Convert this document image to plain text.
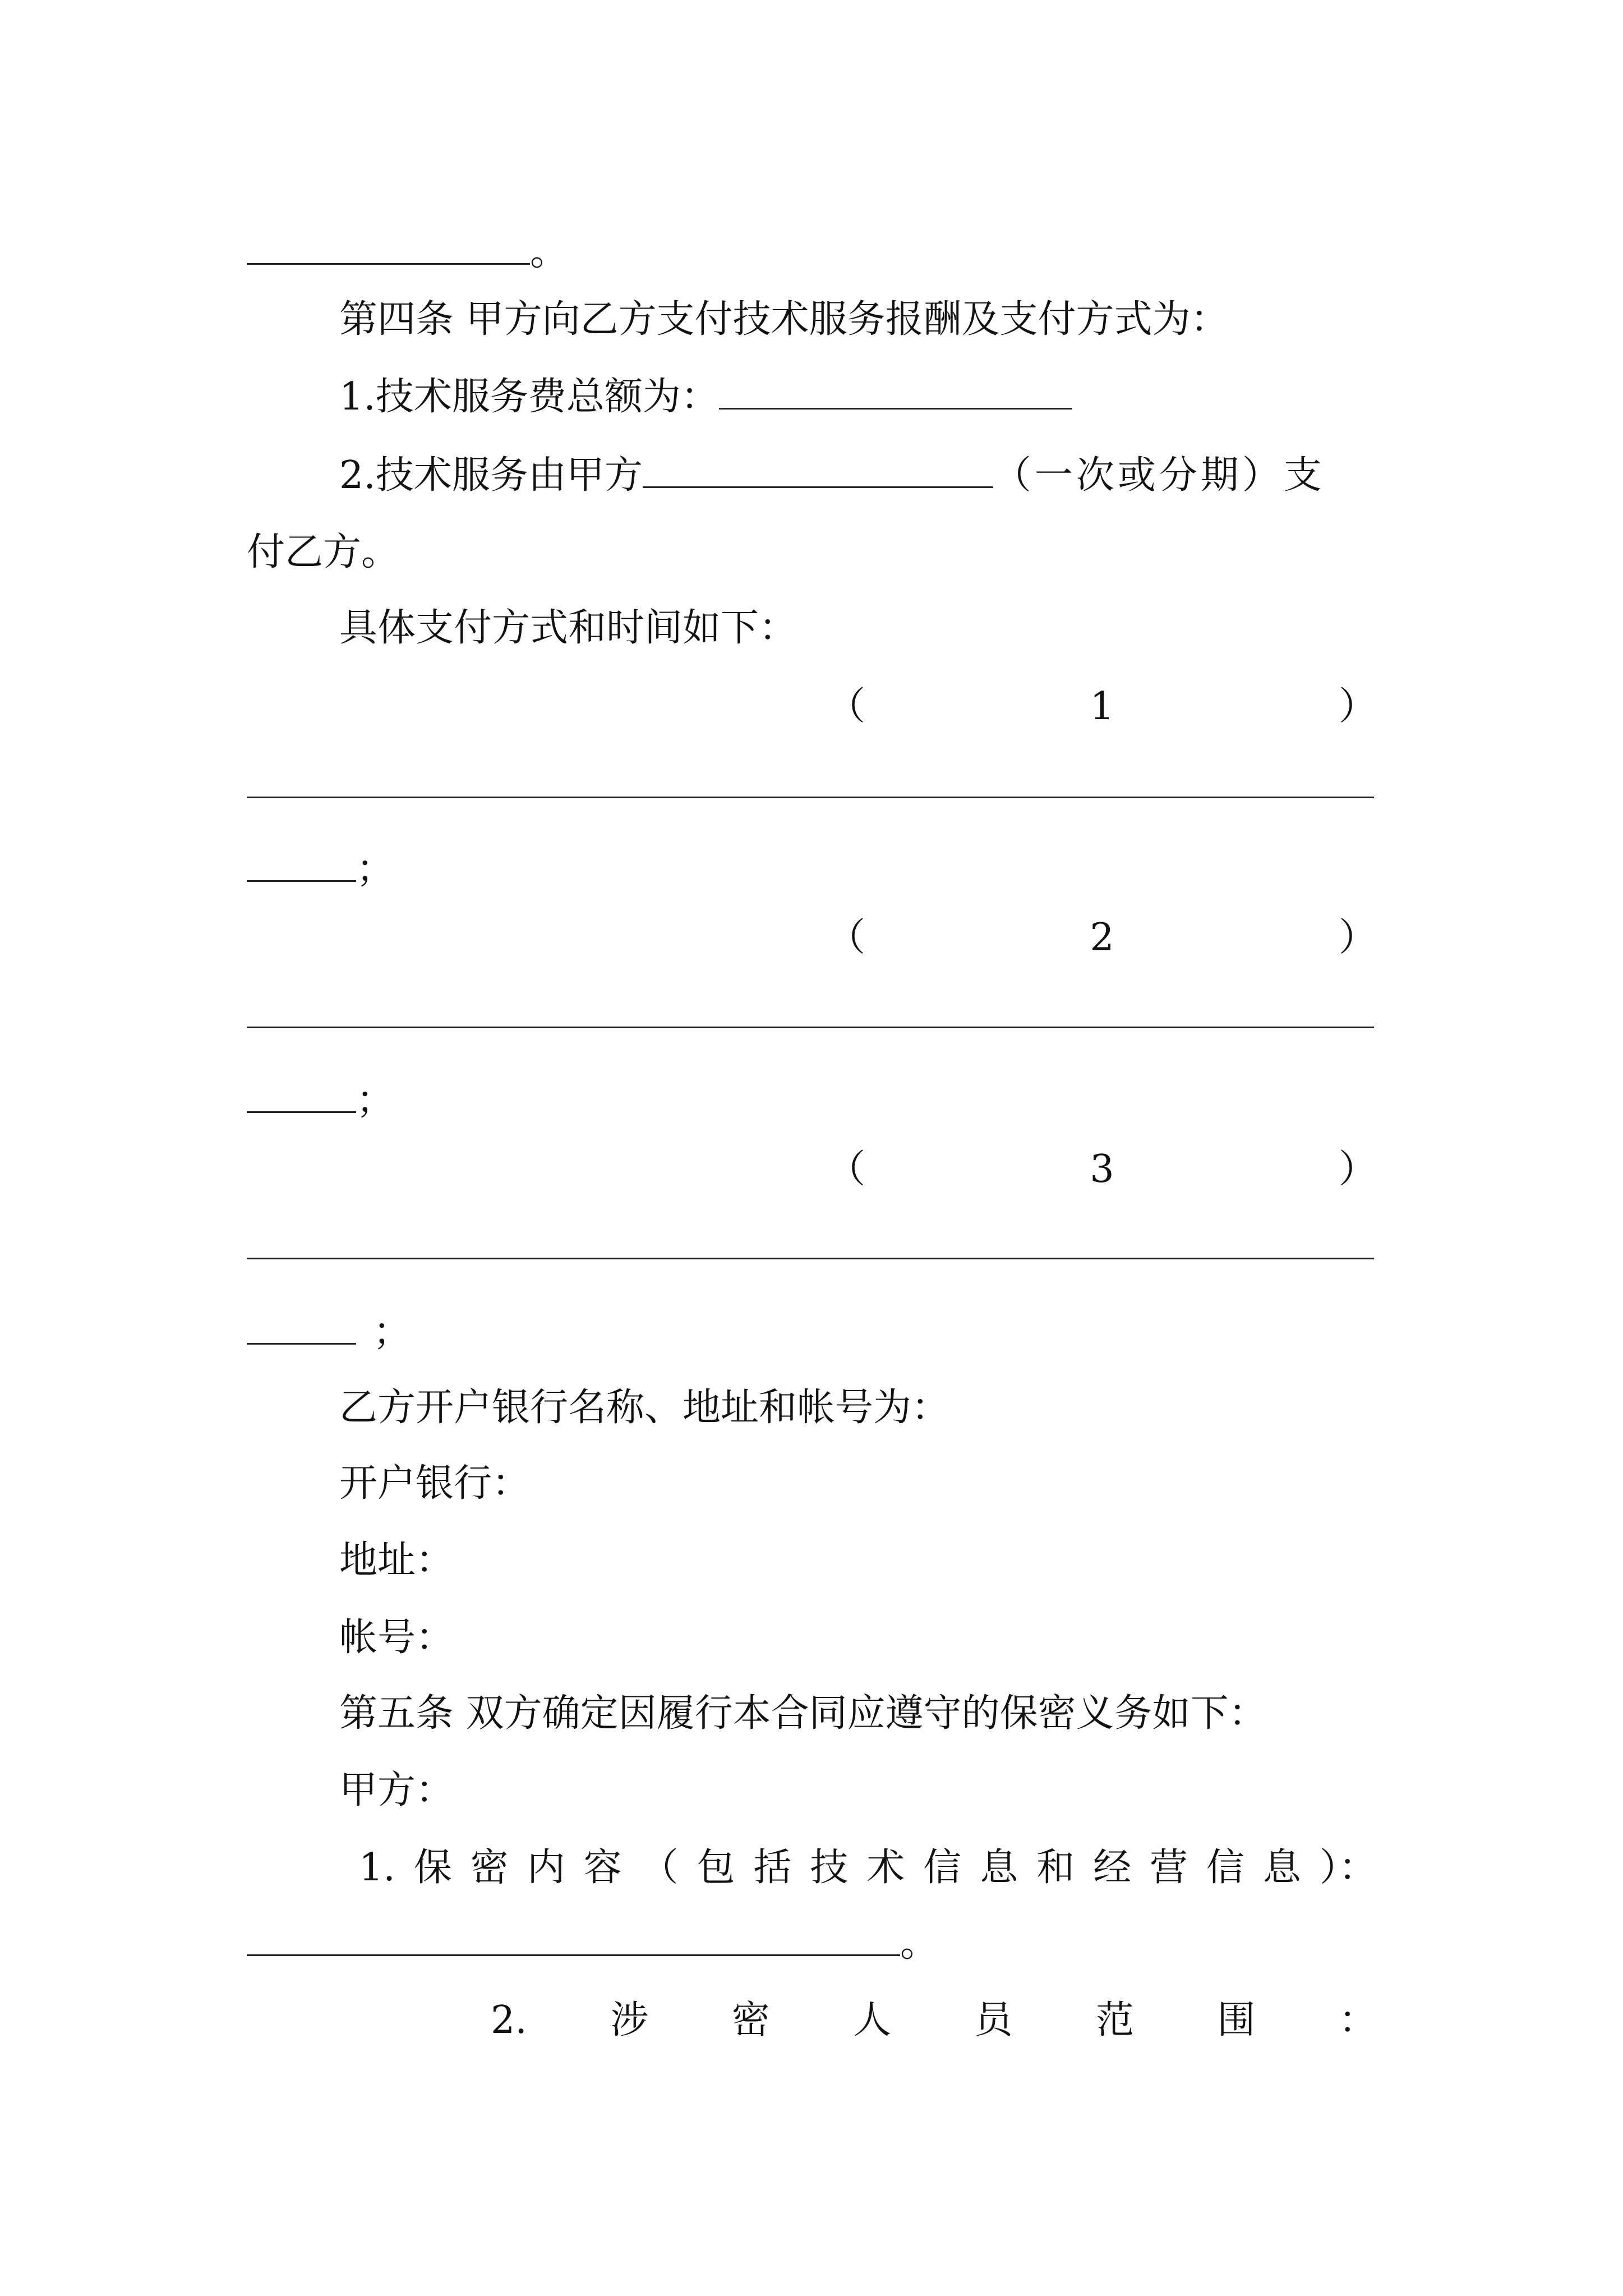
。
第四条 甲方向乙方支付技术服务报酬及支付方式为：
1.技术服务费总额为：
2.技术服务由甲方	（一次或分期）支
付乙方。
具体支付方式和时间如下：
（	1	）
；
（	2	）
；
（	3	）
；
乙方开户银行名称、地址和帐号为：
开户银行：
地址：
帐号：
第五条 双方确定因履行本合同应遵守的保密义务如下：
甲方：
1. 保 密 内 容 （ 包 括 技 术 信 息 和 经 营 信 息 ）：
。
2. 涉 密 人 员 范 围 ：
